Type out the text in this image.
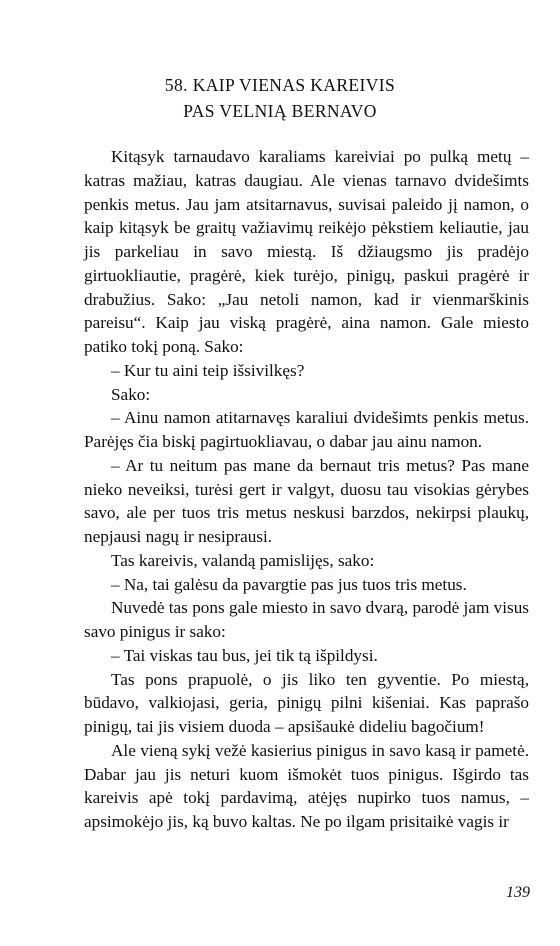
58. KAIP VIENAS KAREIVIS
PAS VELNIĄ BERNAVO

Kitąsyk tarnaudavo karaliams kareiviai po pulką metų – katras mažiau, katras daugiau. Ale vienas tarnavo dvidešimts penkis metus. Jau jam atsitarnavus, suvisai paleido jį namon, o kaip kitąsyk be graitų važiavimų reikėjo pėkstiem keliautie, jau jis parkeliau in savo miestą. Iš džiaugsmo jis pradėjo girtuokliautie, pragėrė, kiek turėjo, pinigų, paskui pragėrė ir drabužius. Sako: „Jau netoli namon, kad ir vienmarškinis pareisu“. Kaip jau viską pragėrė, aina namon. Gale miesto patiko tokį poną. Sako:

– Kur tu aini teip išsivilkęs?

Sako:

– Ainu namon atitarnavęs karaliui dvidešimts penkis metus. Parėjęs čia biskį pagirtuokliavau, o dabar jau ainu namon.

– Ar tu neitum pas mane da bernaut tris metus? Pas mane nieko neveiksi, turėsi gert ir valgyt, duosu tau visokias gėrybes savo, ale per tuos tris metus neskusi barzdos, nekirpsi plaukų, nepjausi nagų ir nesiprausi.

Tas kareivis, valandą pamislijęs, sako:

– Na, tai galėsu da pavargtie pas jus tuos tris metus.

Nuvedė tas pons gale miesto in savo dvarą, parodė jam visus savo pinigus ir sako:

– Tai viskas tau bus, jei tik tą išpildysi.

Tas pons prapuolė, o jis liko ten gyventie. Po miestą, būdavo, valkiojasi, geria, pinigų pilni kišeniai. Kas paprašo pinigų, tai jis visiem duoda – apsišaukė dideliu bagočium!

Ale vieną sykį vežė kasierius pinigus in savo kasą ir pametė. Dabar jau jis neturi kuom išmokėt tuos pinigus. Išgirdo tas kareivis apė tokį pardavimą, atėjęs nupirko tuos namus, – apsimokėjo jis, ką buvo kaltas. Ne po ilgam prisitaikė vagis ir

139
